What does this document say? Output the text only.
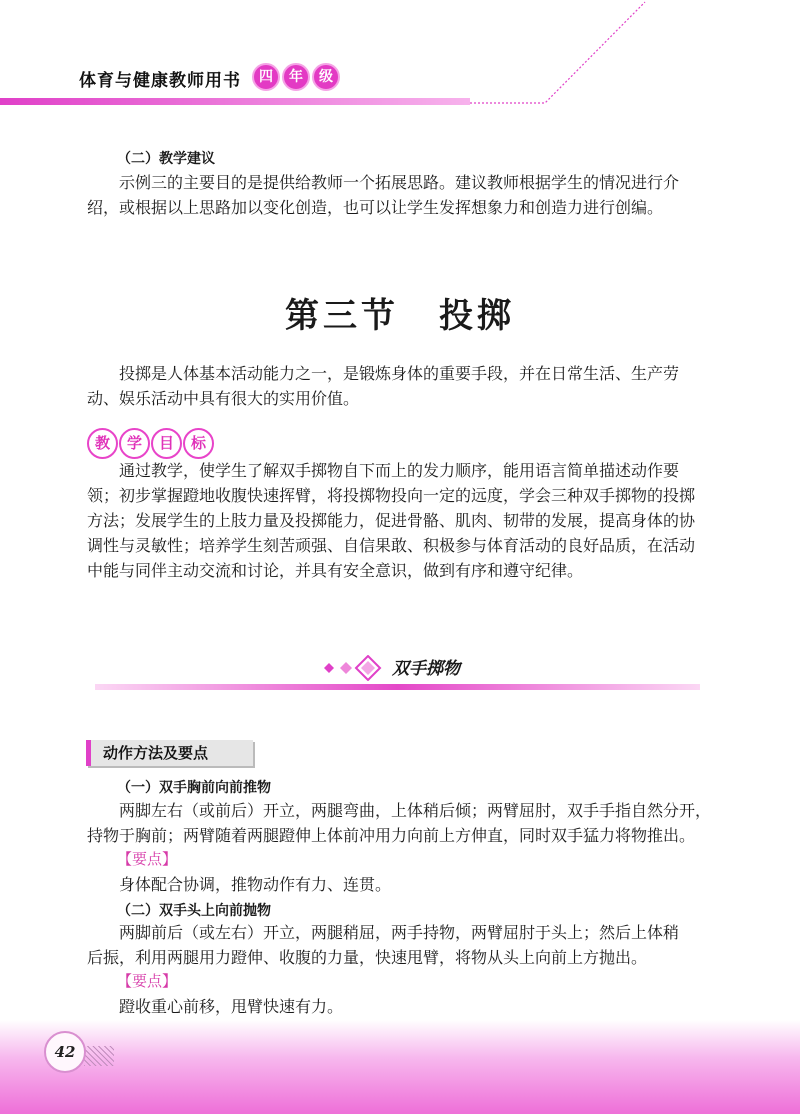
体育与健康教师用书	四	年	级
（二）教学建议
示例三的主要目的是提供给教师一个拓展思路。建议教师根据学生的情况进行介
绍，或根据以上思路加以变化创造，也可以让学生发挥想象力和创造力进行创编。
第三节 投掷
投掷是人体基本活动能力之一，是锻炼身体的重要手段，并在日常生活、生产劳
动、娱乐活动中具有很大的实用价值。
教	学	目	标
通过教学，使学生了解双手掷物自下而上的发力顺序，能用语言简单描述动作要
领；初步掌握蹬地收腹快速挥臂，将投掷物投向一定的远度，学会三种双手掷物的投掷
方法；发展学生的上肢力量及投掷能力，促进骨骼、肌肉、韧带的发展，提高身体的协
调性与灵敏性；培养学生刻苦顽强、自信果敢、积极参与体育活动的良好品质，在活动
中能与同伴主动交流和讨论，并具有安全意识，做到有序和遵守纪律。
双手掷物
动作方法及要点
（一）双手胸前向前推物
两脚左右（或前后）开立，两腿弯曲，上体稍后倾；两臂屈肘，双手手指自然分开，
持物于胸前；两臂随着两腿蹬伸上体前冲用力向前上方伸直，同时双手猛力将物推出。
【要点】
身体配合协调，推物动作有力、连贯。
（二）双手头上向前抛物
两脚前后（或左右）开立，两腿稍屈，两手持物，两臂屈肘于头上；然后上体稍
后振，利用两腿用力蹬伸、收腹的力量，快速甩臂，将物从头上向前上方抛出。
【要点】
蹬收重心前移，甩臂快速有力。
42
